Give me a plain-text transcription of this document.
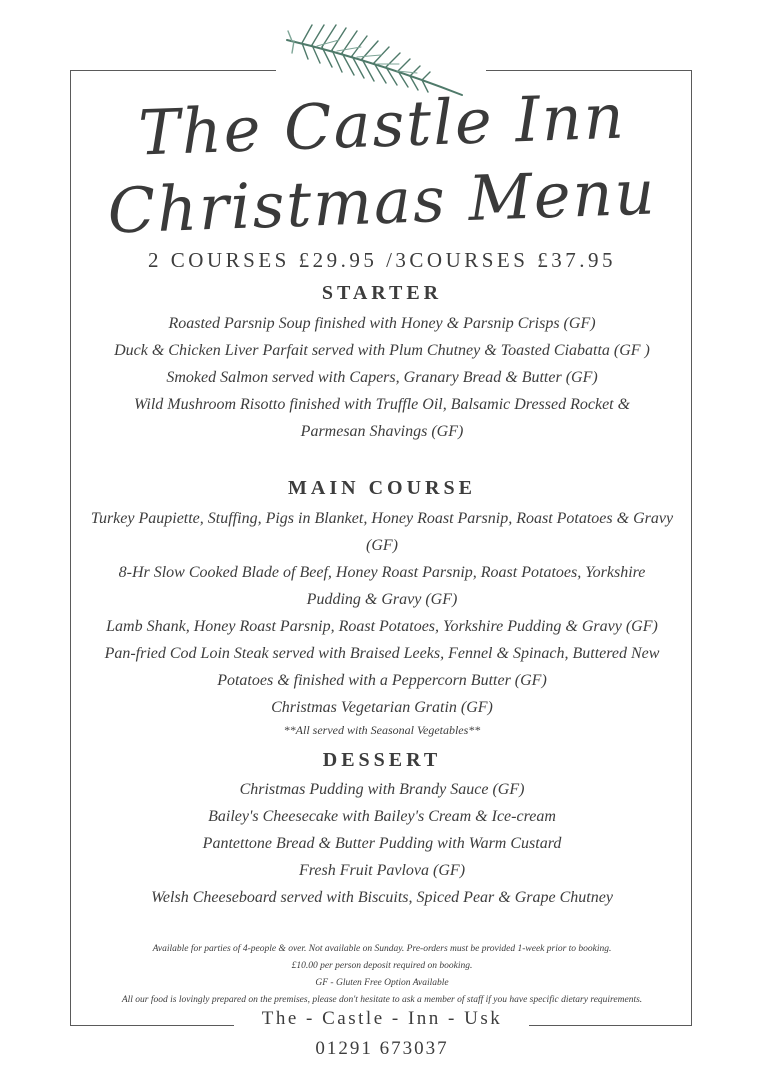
The Castle Inn
Christmas Menu
2 COURSES £29.95 /3COURSES £37.95
STARTER
Roasted Parsnip Soup finished with Honey & Parsnip Crisps (GF)
Duck & Chicken Liver Parfait served with Plum Chutney & Toasted Ciabatta (GF )
Smoked Salmon served with Capers, Granary Bread & Butter (GF)
Wild Mushroom Risotto finished with Truffle Oil, Balsamic Dressed Rocket & Parmesan Shavings (GF)
MAIN COURSE
Turkey Paupiette, Stuffing, Pigs in Blanket, Honey Roast Parsnip, Roast Potatoes & Gravy (GF)
8-Hr Slow Cooked Blade of Beef, Honey Roast Parsnip, Roast Potatoes, Yorkshire Pudding & Gravy (GF)
Lamb Shank, Honey Roast Parsnip, Roast Potatoes, Yorkshire Pudding & Gravy (GF)
Pan-fried Cod Loin Steak served with Braised Leeks, Fennel & Spinach, Buttered New Potatoes & finished with a Peppercorn Butter (GF)
Christmas Vegetarian Gratin (GF)
**All served with Seasonal Vegetables**
DESSERT
Christmas Pudding with Brandy Sauce (GF)
Bailey's Cheesecake with Bailey's Cream & Ice-cream
Pantettone Bread & Butter Pudding with Warm Custard
Fresh Fruit Pavlova (GF)
Welsh Cheeseboard served with Biscuits, Spiced Pear & Grape Chutney
Available for parties of 4-people & over. Not available on Sunday. Pre-orders must be provided 1-week prior to booking.
£10.00 per person deposit required on booking.
GF - Gluten Free Option Available
All our food is lovingly prepared on the premises, please don't hesitate to ask a member of staff if you have specific dietary requirements.
The - Castle - Inn - Usk
01291 673037
